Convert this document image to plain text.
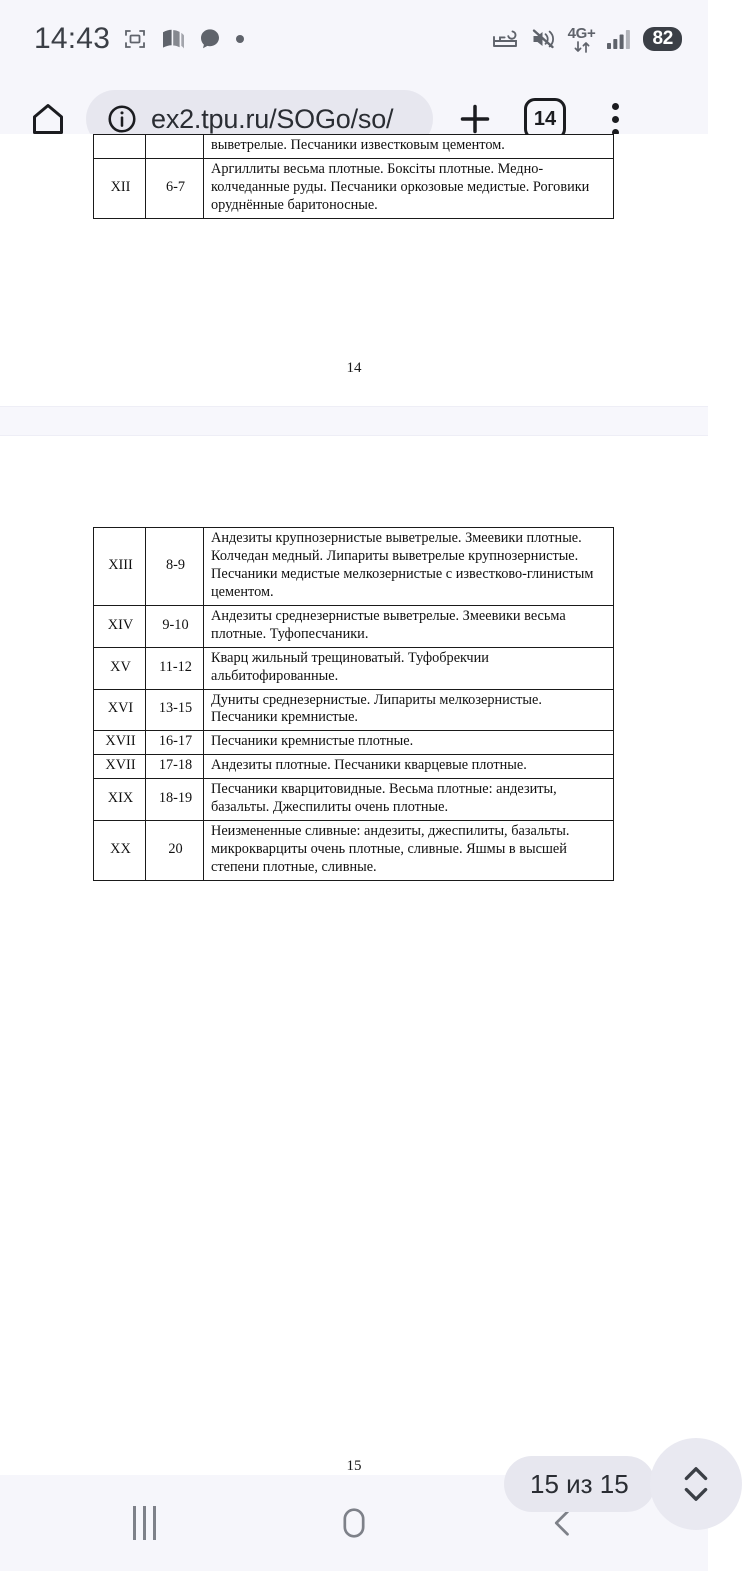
14:43	4G+	82
ex2.tpu.ru/SOGo/so/	14
		выветрелые. Песчаники известковым цементом.
XII	6-7	Аргиллиты весьма плотные. Боксіты плотные. Медно-колчеданные руды. Песчаники оркозовые медистые. Роговики оруднённые баритоносные.
14
XIII	8-9	Андезиты крупнозернистые выветрелые. Змеевики плотные. Колчедан медный. Липариты выветрелые крупнозернистые. Песчаники медистые мелкозернистые с известково-глинистым цементом.
XIV	9-10	Андезиты среднезернистые выветрелые. Змеевики весьма плотные. Туфопесчаники.
XV	11-12	Кварц жильный трещиноватый. Туфобрекчии альбитофированные.
XVI	13-15	Дуниты среднезернистые. Липариты мелкозернистые. Песчаники кремнистые.
XVII	16-17	Песчаники кремнистые плотные.
XVII	17-18	Андезиты плотные. Песчаники кварцевые плотные.
XIX	18-19	Песчаники кварцитовидные. Весьма плотные: андезиты, базальты. Джеспилиты очень плотные.
XX	20	Неизмененные сливные: андезиты, джеспилиты, базальты. микрокварциты очень плотные, сливные. Яшмы в высшей степени плотные, сливные.
15
15 из 15
